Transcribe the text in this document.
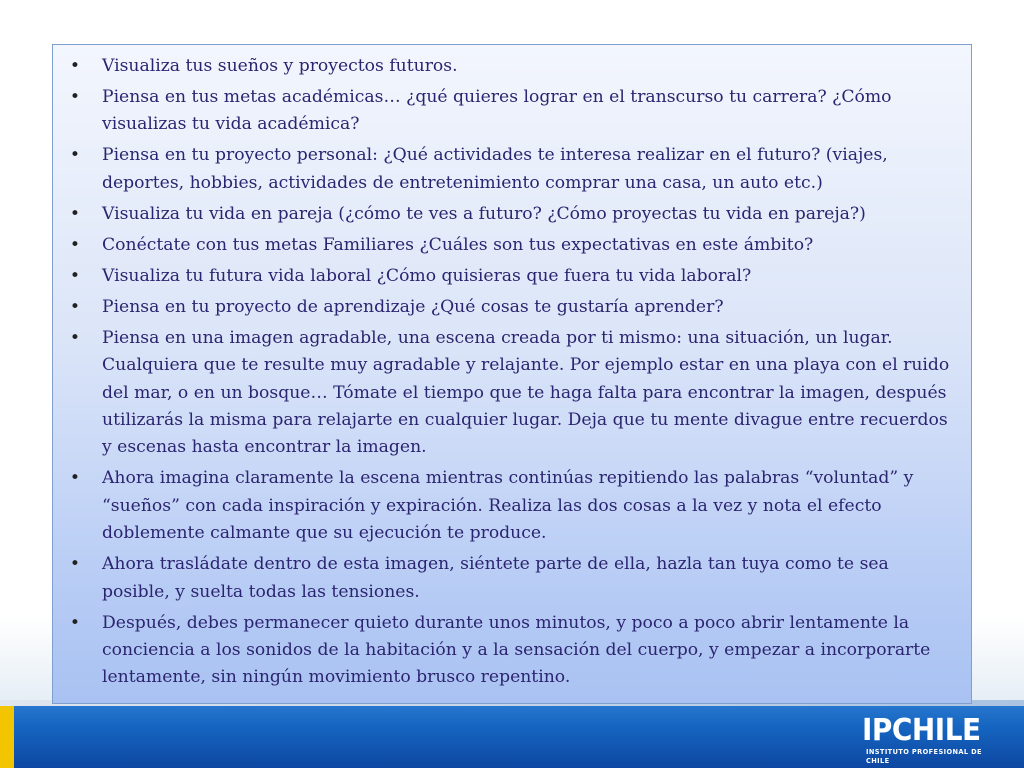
• Visualiza tus sueños y proyectos futuros.
• Piensa en tus metas académicas… ¿qué quieres lograr en el transcurso tu carrera? ¿Cómo visualizas tu vida académica?
• Piensa en tu proyecto personal: ¿Qué actividades te interesa realizar en el futuro? (viajes, deportes, hobbies, actividades de entretenimiento comprar una casa, un auto etc.)
• Visualiza tu vida en pareja (¿cómo te ves a futuro? ¿Cómo proyectas tu vida en pareja?)
• Conéctate con tus metas Familiares ¿Cuáles son tus expectativas en este ámbito?
• Visualiza tu futura vida laboral ¿Cómo quisieras que fuera tu vida laboral?
• Piensa en tu proyecto de aprendizaje ¿Qué cosas te gustaría aprender?
• Piensa en una imagen agradable, una escena creada por ti mismo: una situación, un lugar. Cualquiera que te resulte muy agradable y relajante. Por ejemplo estar en una playa con el ruido del mar, o en un bosque… Tómate el tiempo que te haga falta para encontrar la imagen, después utilizarás la misma para relajarte en cualquier lugar. Deja que tu mente divague entre recuerdos y escenas hasta encontrar la imagen.
• Ahora imagina claramente la escena mientras continúas repitiendo las palabras “voluntad” y “sueños” con cada inspiración y expiración. Realiza las dos cosas a la vez y nota el efecto doblemente calmante que su ejecución te produce.
• Ahora trasládate dentro de esta imagen, siéntete parte de ella, hazla tan tuya como te sea posible, y suelta todas las tensiones.
• Después, debes permanecer quieto durante unos minutos, y poco a poco abrir lentamente la conciencia a los sonidos de la habitación y a la sensación del cuerpo, y empezar a incorporarte lentamente, sin ningún movimiento brusco repentino.
IPCHILE
INSTITUTO PROFESIONAL DE CHILE
